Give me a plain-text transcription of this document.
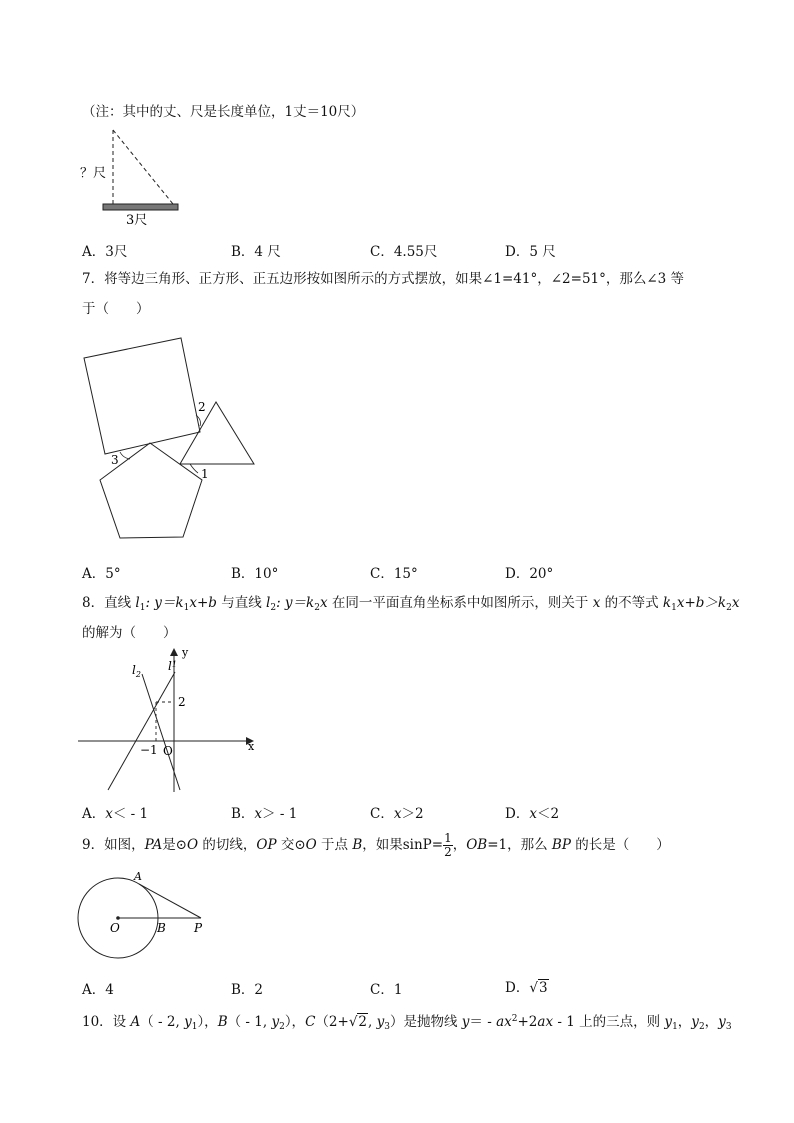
（注：其中的丈、尺是长度单位，1丈＝10尺）
？尺
3尺
A．3尺	B．4 尺	C．4.55尺	D．5 尺
7．将等边三角形、正方形、正五边形按如图所示的方式摆放，如果∠1=41°，∠2=51°，那么∠3 等
于（　　）
2
3
1
A．5°	B．10°	C．15°	D．20°
8．直线 $l_1$: $y=k_1x+b$ 与直线 $l_2$: $y=k_2x$ 在同一平面直角坐标系中如图所示，则关于 x 的不等式 $k_1x+b>k_2x$
的解为（　　）
$l_2$
$l^1$
y
x
2
−1 O
A．x＜ - 1	B．x＞ - 1	C．x＞2	D．x＜2
9．如图，PA是⊙O 的切线，OP 交⊙O 于点 B，如果$\sin P= \frac{1}{2}$ ，OB=1，那么 BP 的长是（　　）
A
O	B P
A．4	B．2	C．1	D．√3
10．设 A（ - 2, $y_1$），B（ - 1, $y_2$），C（2+√2, $y_3$）是抛物线 $y= - ax^2+2ax - 1$ 上的三点，则 $y_1$，$y_2$，$y_3$
